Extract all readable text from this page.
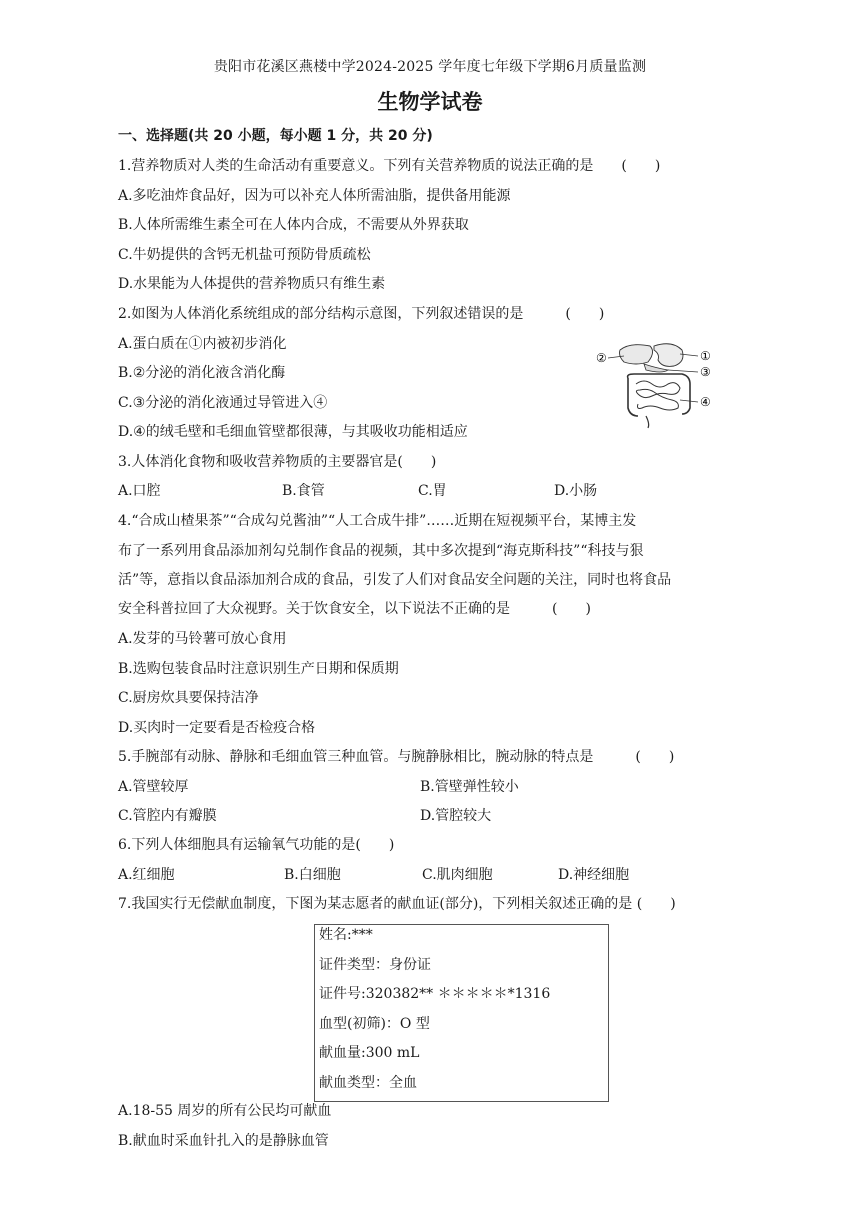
贵阳市花溪区燕楼中学2024-2025 学年度七年级下学期6月质量监测
生物学试卷
一、选择题(共 20 小题，每小题 1 分，共 20 分)
1.营养物质对人类的生命活动有重要意义。下列有关营养物质的说法正确的是　　(　　)
A.多吃油炸食品好，因为可以补充人体所需油脂，提供备用能源
B.人体所需维生素全可在人体内合成，不需要从外界获取
C.牛奶提供的含钙无机盐可预防骨质疏松
D.水果能为人体提供的营养物质只有维生素
2.如图为人体消化系统组成的部分结构示意图，下列叙述错误的是　　　(　　)
A.蛋白质在①内被初步消化
B.②分泌的消化液含消化酶
C.③分泌的消化液通过导管进入④
D.④的绒毛壁和毛细血管壁都很薄，与其吸收功能相适应
②	①
③
④
3.人体消化食物和吸收营养物质的主要器官是(　　)
A.口腔	B.食管	C.胃	D.小肠
4.“合成山楂果茶”“合成勾兑酱油”“人工合成牛排”……近期在短视频平台，某博主发
布了一系列用食品添加剂勾兑制作食品的视频，其中多次提到“海克斯科技”“科技与狠
活”等，意指以食品添加剂合成的食品，引发了人们对食品安全问题的关注，同时也将食品
安全科普拉回了大众视野。关于饮食安全，以下说法不正确的是　　　(　　)
A.发芽的马铃薯可放心食用
B.选购包装食品时注意识别生产日期和保质期
C.厨房炊具要保持洁净
D.买肉时一定要看是否检疫合格
5.手腕部有动脉、静脉和毛细血管三种血管。与腕静脉相比，腕动脉的特点是　　　(　　)
A.管壁较厚	B.管壁弹性较小
C.管腔内有瓣膜	D.管腔较大
6.下列人体细胞具有运输氧气功能的是(　　)
A.红细胞	B.白细胞	C.肌肉细胞	D.神经细胞
7.我国实行无偿献血制度，下图为某志愿者的献血证(部分)，下列相关叙述正确的是 (　　)
姓名:***
证件类型：身份证
证件号:320382** ＊＊＊＊＊*1316
血型(初筛)：O 型
献血量:300 mL
献血类型：全血
A.18-55 周岁的所有公民均可献血
B.献血时采血针扎入的是静脉血管
